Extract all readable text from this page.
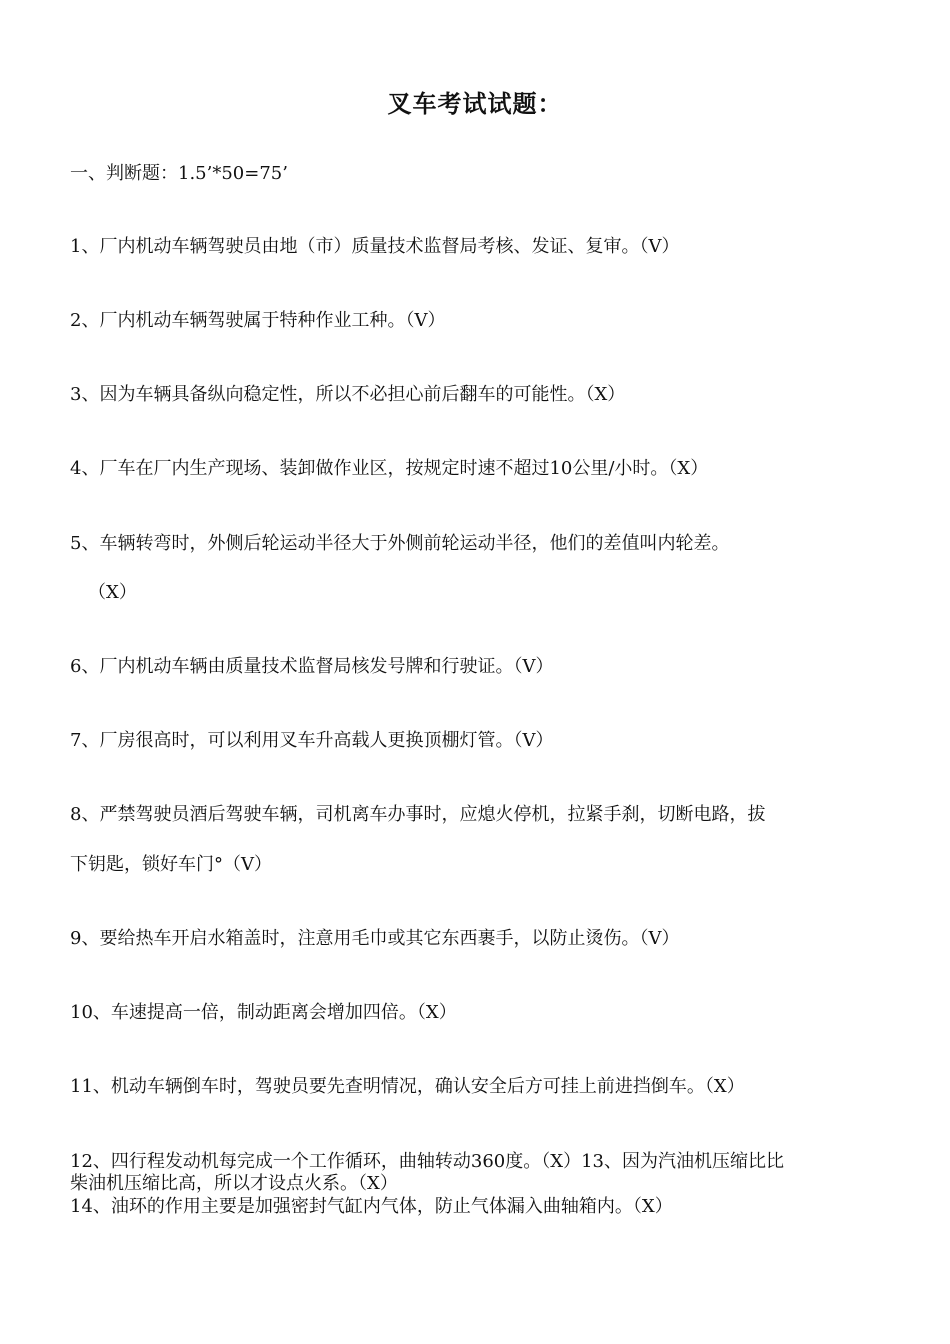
叉车考试试题：
一、判断题：1.5’*50=75’
1、厂内机动车辆驾驶员由地（市）质量技术监督局考核、发证、复审。（V）
2、厂内机动车辆驾驶属于特种作业工种。（V）
3、因为车辆具备纵向稳定性，所以不必担心前后翻车的可能性。（X）
4、厂车在厂内生产现场、装卸做作业区，按规定时速不超过10公里/小时。（X）
5、车辆转弯时，外侧后轮运动半径大于外侧前轮运动半径，他们的差值叫内轮差。
（X）
6、厂内机动车辆由质量技术监督局核发号牌和行驶证。（V）
7、厂房很高时，可以利用叉车升高载人更换顶棚灯管。（V）
8、严禁驾驶员酒后驾驶车辆，司机离车办事时，应熄火停机，拉紧手刹，切断电路，拔
下钥匙，锁好车门°（V）
9、要给热车开启水箱盖时，注意用毛巾或其它东西裹手，以防止烫伤。（V）
10、车速提高一倍，制动距离会增加四倍。（X）
11、机动车辆倒车时，驾驶员要先查明情况，确认安全后方可挂上前进挡倒车。（X）
12、四行程发动机每完成一个工作循环，曲轴转动360度。（X）13、因为汽油机压缩比比
柴油机压缩比高，所以才设点火系。（X）
14、油环的作用主要是加强密封气缸内气体，防止气体漏入曲轴箱内。（X）
